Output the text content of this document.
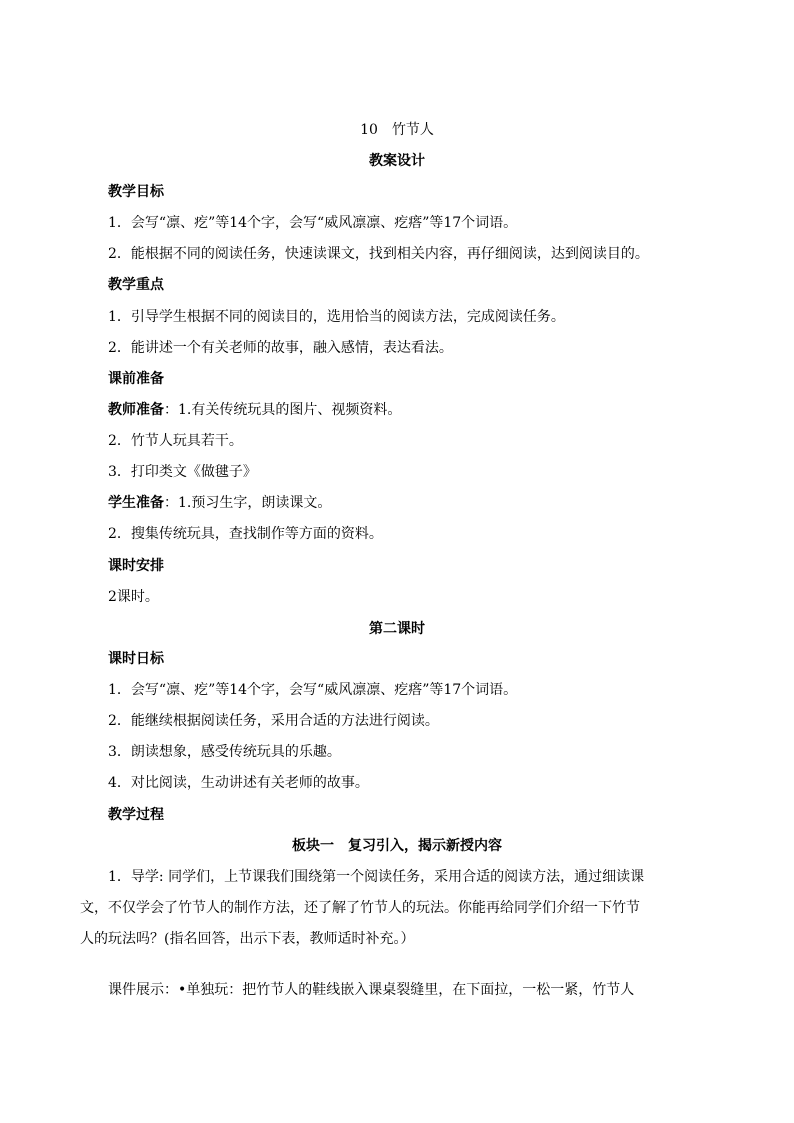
10　竹节人
教案设计
教学目标
1．会写“凛、疙”等14个字，会写“威风凛凛、疙瘩”等17个词语。
2．能根据不同的阅读任务，快速读课文，找到相关内容，再仔细阅读，达到阅读目的。
教学重点
1．引导学生根据不同的阅读目的，选用恰当的阅读方法，完成阅读任务。
2．能讲述一个有关老师的故事，融入感情，表达看法。
课前准备
教师准备：1.有关传统玩具的图片、视频资料。
2．竹节人玩具若干。
3．打印类文《做毽子》
学生准备：1.预习生字，朗读课文。
2．搜集传统玩具，查找制作等方面的资料。
课时安排
2课时。
第二课时
课时日标
1．会写“凛、疙”等14个字，会写“威风凛凛、疙瘩”等17个词语。
2．能继续根据阅读任务，采用合适的方法进行阅读。
3．朗读想象，感受传统玩具的乐趣。
4．对比阅读，生动讲述有关老师的故事。
教学过程
板块一　复习引入，揭示新授内容
1．导学: 同学们，上节课我们围绕第一个阅读任务，采用合适的阅读方法，通过细读课
文，不仅学会了竹节人的制作方法，还了解了竹节人的玩法。你能再给同学们介绍一下竹节
人的玩法吗？(指名回答，出示下表，教师适时补充。）
课件展示：•单独玩：把竹节人的鞋线嵌入课桌裂缝里，在下面拉，一松一紧，竹节人
